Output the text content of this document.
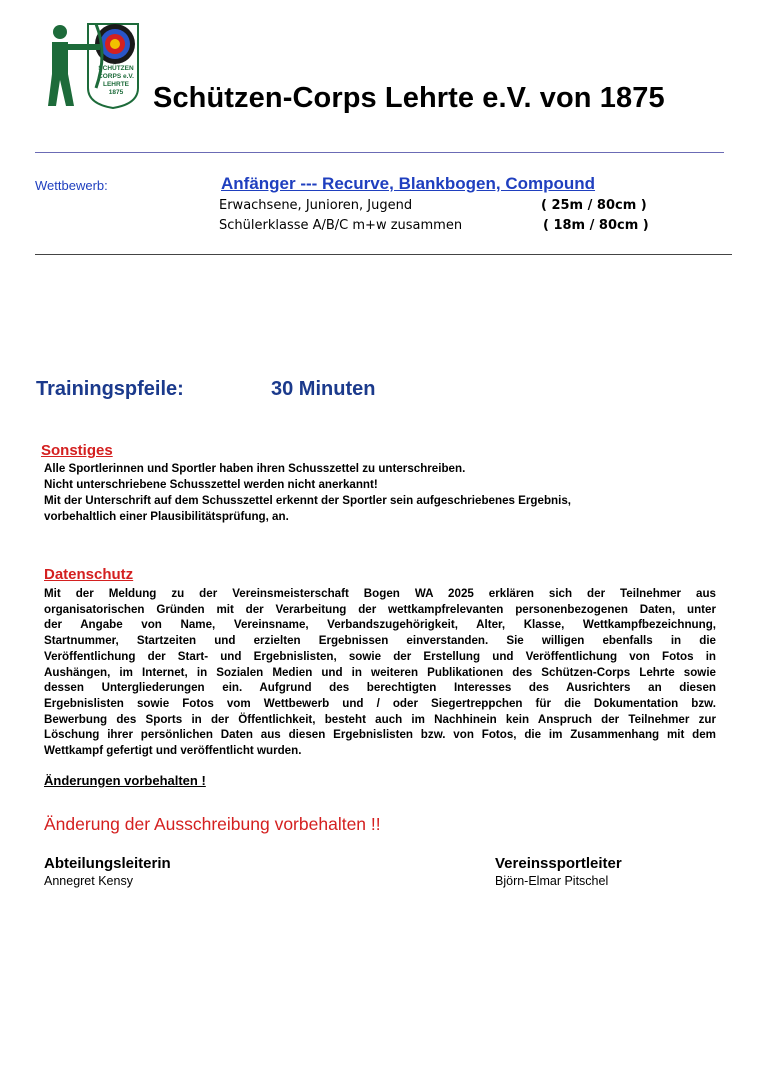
SCHÜTZEN
CORPS e.V.
LEHRTE
1875 Schützen-Corps Lehrte e.V. von 1875
Wettbewerb:	Anfänger --- Recurve, Blankbogen, Compound
Erwachsene, Junioren, Jugend	( 25m / 80cm )
Schülerklasse A/B/C m+w zusammen	( 18m / 80cm )
Trainingspfeile:	30 Minuten
Sonstiges
Alle Sportlerinnen und Sportler haben ihren Schusszettel zu unterschreiben.
Nicht unterschriebene Schusszettel werden nicht anerkannt!
Mit der Unterschrift auf dem Schusszettel erkennt der Sportler sein aufgeschriebenes Ergebnis,
vorbehaltlich einer Plausibilitätsprüfung, an.
Datenschutz
Mit der Meldung zu der Vereinsmeisterschaft Bogen WA 2025 erklären sich der Teilnehmer aus
organisatorischen Gründen mit der Verarbeitung der wettkampfrelevanten personenbezogenen Daten, unter
der Angabe von Name, Vereinsname, Verbandszugehörigkeit, Alter, Klasse, Wettkampfbezeichnung,
Startnummer, Startzeiten und erzielten Ergebnissen einverstanden. Sie willigen ebenfalls in die
Veröffentlichung der Start- und Ergebnislisten, sowie der Erstellung und Veröffentlichung von Fotos in
Aushängen, im Internet, in Sozialen Medien und in weiteren Publikationen des Schützen-Corps Lehrte sowie
dessen Untergliederungen ein. Aufgrund des berechtigten Interesses des Ausrichters an diesen
Ergebnislisten sowie Fotos vom Wettbewerb und / oder Siegertreppchen für die Dokumentation bzw.
Bewerbung des Sports in der Öffentlichkeit, besteht auch im Nachhinein kein Anspruch der Teilnehmer zur
Löschung ihrer persönlichen Daten aus diesen Ergebnislisten bzw. von Fotos, die im Zusammenhang mit dem
Wettkampf gefertigt und veröffentlicht wurden.
Änderungen vorbehalten !
Änderung der Ausschreibung vorbehalten !!
Abteilungsleiterin
Annegret Kensy
Vereinssportleiter
Björn-Elmar Pitschel
